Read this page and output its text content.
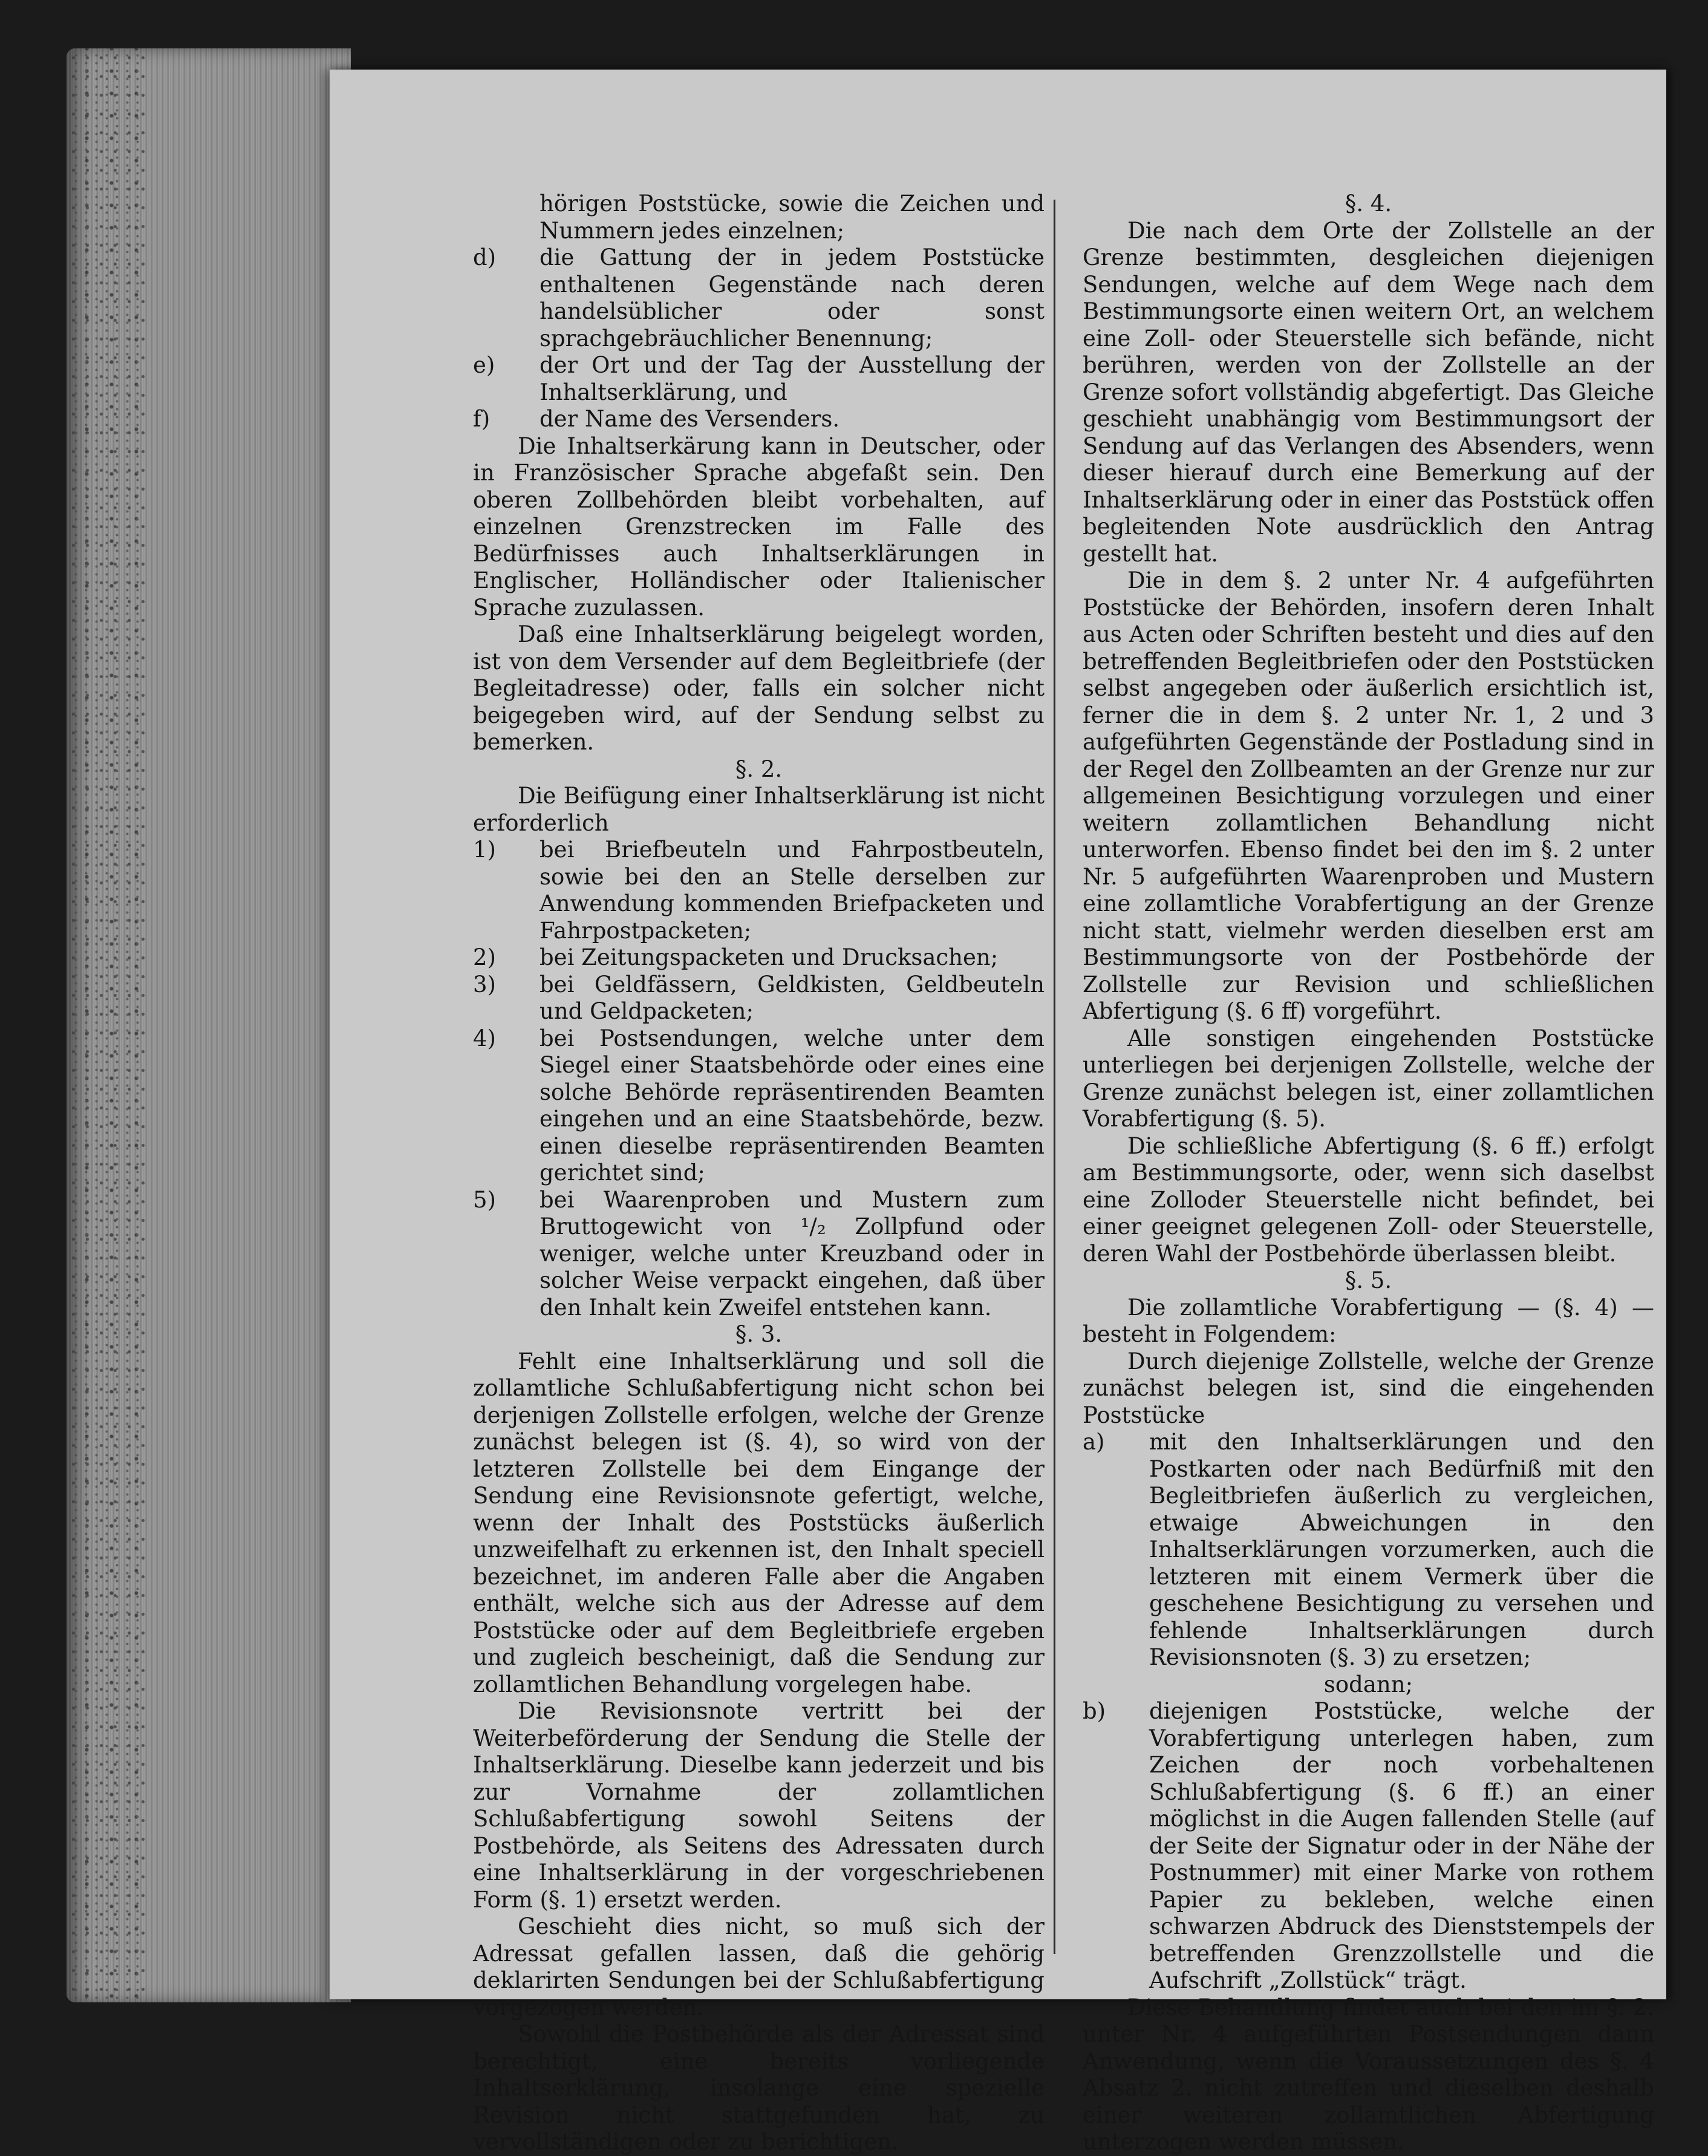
hörigen Poststücke, sowie die Zeichen und Nummern jedes einzelnen;

d)	die Gattung der in jedem Poststücke enthaltenen Gegenstände nach deren handelsüblicher oder sonst sprachgebräuchlicher Benennung;
e)	der Ort und der Tag der Ausstellung der Inhaltserklärung, und
f)	der Name des Versenders.

Die Inhaltserkärung kann in Deutscher, oder in Französischer Sprache abgefaßt sein. Den oberen Zollbehörden bleibt vorbehalten, auf einzelnen Grenzstrecken im Falle des Bedürfnisses auch Inhaltserklärungen in Englischer, Holländischer oder Italienischer Sprache zuzulassen.

Daß eine Inhaltserklärung beigelegt worden, ist von dem Versender auf dem Begleitbriefe (der Begleitadresse) oder, falls ein solcher nicht beigegeben wird, auf der Sendung selbst zu bemerken.

§. 2.

Die Beifügung einer Inhaltserklärung ist nicht erforderlich

1)	bei Briefbeuteln und Fahrpostbeuteln, sowie bei den an Stelle derselben zur Anwendung kommenden Briefpacketen und Fahrpostpacketen;
2)	bei Zeitungspacketen und Drucksachen;
3)	bei Geldfässern, Geldkisten, Geldbeuteln und Geldpacketen;
4)	bei Postsendungen, welche unter dem Siegel einer Staatsbehörde oder eines eine solche Behörde repräsentirenden Beamten eingehen und an eine Staatsbehörde, bezw. einen dieselbe repräsentirenden Beamten gerichtet sind;
5)	bei Waarenproben und Mustern zum Bruttogewicht von ¹/₂ Zollpfund oder weniger, welche unter Kreuzband oder in solcher Weise verpackt eingehen, daß über den Inhalt kein Zweifel entstehen kann.

§. 3.

Fehlt eine Inhaltserklärung und soll die zollamtliche Schlußabfertigung nicht schon bei derjenigen Zollstelle erfolgen, welche der Grenze zunächst belegen ist (§. 4), so wird von der letzteren Zollstelle bei dem Eingange der Sendung eine Revisionsnote gefertigt, welche, wenn der Inhalt des Poststücks äußerlich unzweifelhaft zu erkennen ist, den Inhalt speciell bezeichnet, im anderen Falle aber die Angaben enthält, welche sich aus der Adresse auf dem Poststücke oder auf dem Begleitbriefe ergeben und zugleich bescheinigt, daß die Sendung zur zollamtlichen Behandlung vorgelegen habe.

Die Revisionsnote vertritt bei der Weiterbeförderung der Sendung die Stelle der Inhaltserklärung. Dieselbe kann jederzeit und bis zur Vornahme der zollamtlichen Schlußabfertigung sowohl Seitens der Postbehörde, als Seitens des Adressaten durch eine Inhaltserklärung in der vorgeschriebenen Form (§. 1) ersetzt werden.

Geschieht dies nicht, so muß sich der Adressat gefallen lassen, daß die gehörig deklarirten Sendungen bei der Schlußabfertigung vorgezogen werden.

Sowohl die Postbehörde als der Adressat sind berechtigt, eine bereits vorliegende Inhaltserklärung, insolange eine spezielle Revision nicht stattgefunden hat, zu vervollständigen oder zu berichtigen.

§. 4.

Die nach dem Orte der Zollstelle an der Grenze bestimmten, desgleichen diejenigen Sendungen, welche auf dem Wege nach dem Bestimmungsorte einen weitern Ort, an welchem eine Zoll- oder Steuerstelle sich befände, nicht berühren, werden von der Zollstelle an der Grenze sofort vollständig abgefertigt. Das Gleiche geschieht unabhängig vom Bestimmungsort der Sendung auf das Verlangen des Absenders, wenn dieser hierauf durch eine Bemerkung auf der Inhaltserklärung oder in einer das Poststück offen begleitenden Note ausdrücklich den Antrag gestellt hat.

Die in dem §. 2 unter Nr. 4 aufgeführten Poststücke der Behörden, insofern deren Inhalt aus Acten oder Schriften besteht und dies auf den betreffenden Begleitbriefen oder den Poststücken selbst angegeben oder äußerlich ersichtlich ist, ferner die in dem §. 2 unter Nr. 1, 2 und 3 aufgeführten Gegenstände der Postladung sind in der Regel den Zollbeamten an der Grenze nur zur allgemeinen Besichtigung vorzulegen und einer weitern zollamtlichen Behandlung nicht unterworfen. Ebenso findet bei den im §. 2 unter Nr. 5 aufgeführten Waarenproben und Mustern eine zollamtliche Vorabfertigung an der Grenze nicht statt, vielmehr werden dieselben erst am Bestimmungsorte von der Postbehörde der Zollstelle zur Revision und schließlichen Abfertigung (§. 6 ff) vorgeführt.

Alle sonstigen eingehenden Poststücke unterliegen bei derjenigen Zollstelle, welche der Grenze zunächst belegen ist, einer zollamtlichen Vorabfertigung (§. 5).

Die schließliche Abfertigung (§. 6 ff.) erfolgt am Bestimmungsorte, oder, wenn sich daselbst eine Zolloder Steuerstelle nicht befindet, bei einer geeignet gelegenen Zoll- oder Steuerstelle, deren Wahl der Postbehörde überlassen bleibt.

§. 5.

Die zollamtliche Vorabfertigung — (§. 4) — besteht in Folgendem:

Durch diejenige Zollstelle, welche der Grenze zunächst belegen ist, sind die eingehenden Poststücke

a)	mit den Inhaltserklärungen und den Postkarten oder nach Bedürfniß mit den Begleitbriefen äußerlich zu vergleichen, etwaige Abweichungen in den Inhaltserklärungen vorzumerken, auch die letzteren mit einem Vermerk über die geschehene Besichtigung zu versehen und fehlende Inhaltserklärungen durch Revisionsnoten (§. 3) zu ersetzen;

sodann;

b)	diejenigen Poststücke, welche der Vorabfertigung unterlegen haben, zum Zeichen der noch vorbehaltenen Schlußabfertigung (§. 6 ff.) an einer möglichst in die Augen fallenden Stelle (auf der Seite der Signatur oder in der Nähe der Postnummer) mit einer Marke von rothem Papier zu bekleben, welche einen schwarzen Abdruck des Dienststempels der betreffenden Grenzzollstelle und die Aufschrift „Zollstück“ trägt.

Diese Behandlung findet auch bei den im §. 2. unter Nr. 4 aufgeführten Postsendungen dann Anwendung, wenn die Voraussetzungen des §. 4 Absatz 2. nicht zutreffen und dieselben deshalb einer weiteren zollamtlichen Abfertigung unterzogen werden müssen.
